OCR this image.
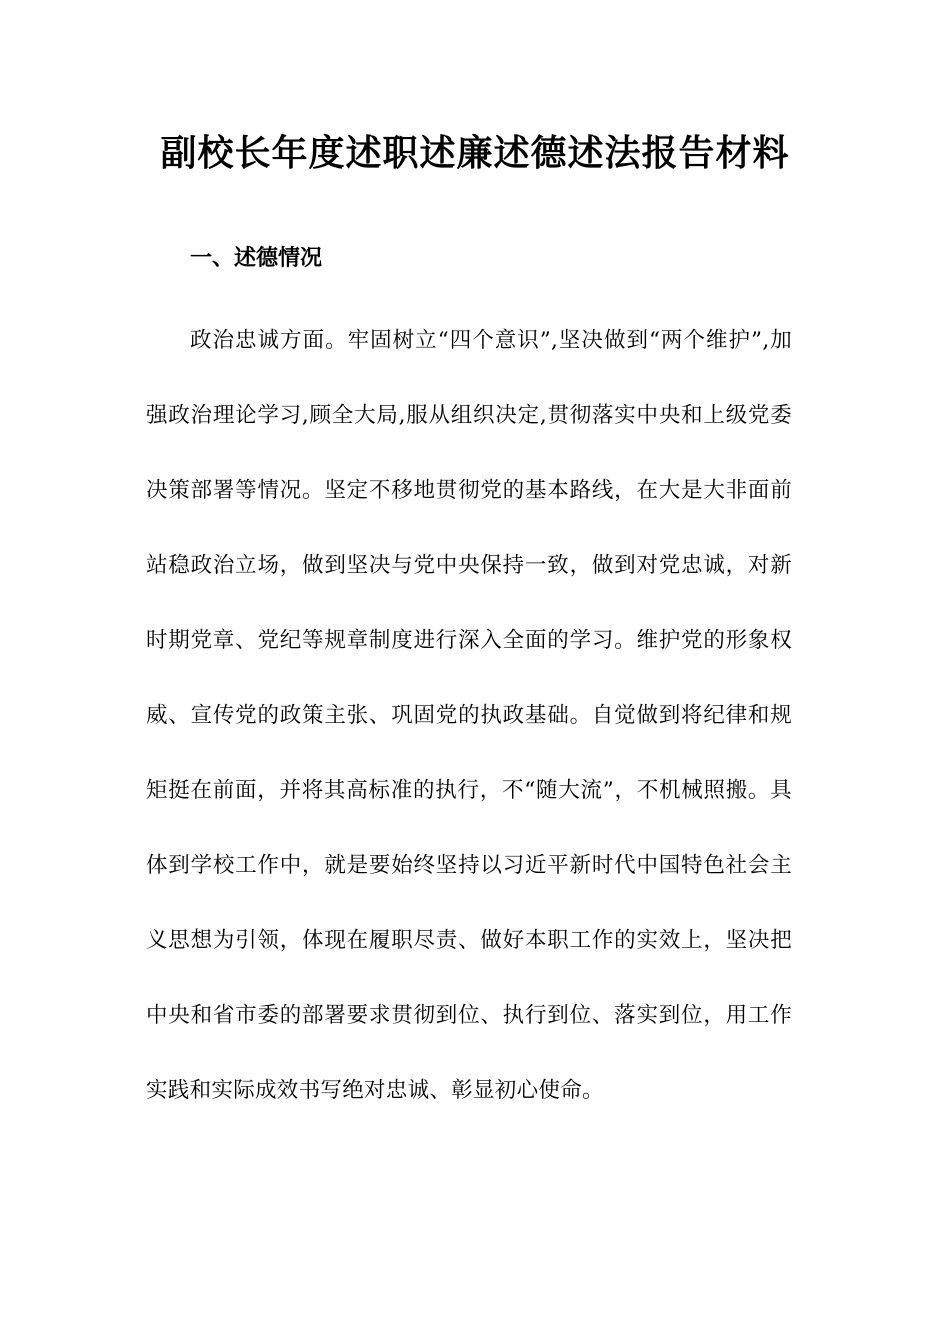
副校长年度述职述廉述德述法报告材料
一、述德情况

政治忠诚方面。牢固树立“四个意识”,坚决做到“两个维护”,加强政治理论学习,顾全大局,服从组织决定,贯彻落实中央和上级党委决策部署等情况。坚定不移地贯彻党的基本路线，在大是大非面前站稳政治立场，做到坚决与党中央保持一致，做到对党忠诚，对新时期党章、党纪等规章制度进行深入全面的学习。维护党的形象权威、宣传党的政策主张、巩固党的执政基础。自觉做到将纪律和规矩挺在前面，并将其高标准的执行，不“随大流”，不机械照搬。具体到学校工作中，就是要始终坚持以习近平新时代中国特色社会主义思想为引领，体现在履职尽责、做好本职工作的实效上，坚决把中央和省市委的部署要求贯彻到位、执行到位、落实到位，用工作实践和实际成效书写绝对忠诚、彰显初心使命。
